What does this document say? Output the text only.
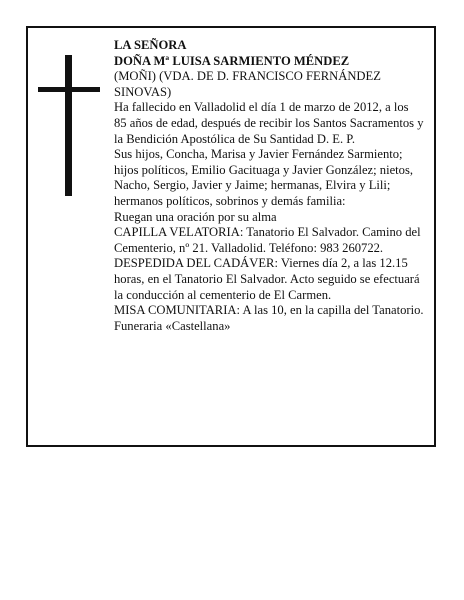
LA SEÑORA

DOÑA Mª LUISA SARMIENTO MÉNDEZ

(MOÑI) (VDA. DE D. FRANCISCO FERNÁNDEZ SINOVAS)

Ha fallecido en Valladolid el día 1 de marzo de 2012, a los 85 años de edad, después de recibir los Santos Sacramentos y la Bendición Apostólica de Su Santidad D. E. P.

Sus hijos, Concha, Marisa y Javier Fernández Sarmiento; hijos políticos, Emilio Gacituaga y Javier González; nietos, Nacho, Sergio, Javier y Jaime; hermanas, Elvira y Lili; hermanos políticos, sobrinos y demás familia:

Ruegan una oración por su alma

CAPILLA VELATORIA: Tanatorio El Salvador. Camino del Cementerio, nº 21. Valladolid. Teléfono: 983 260722.

DESPEDIDA DEL CADÁVER: Viernes día 2, a las 12.15 horas, en el Tanatorio El Salvador. Acto seguido se efectuará la conducción al cementerio de El Carmen.

MISA COMUNITARIA: A las 10, en la capilla del Tanatorio.

Funeraria «Castellana»
